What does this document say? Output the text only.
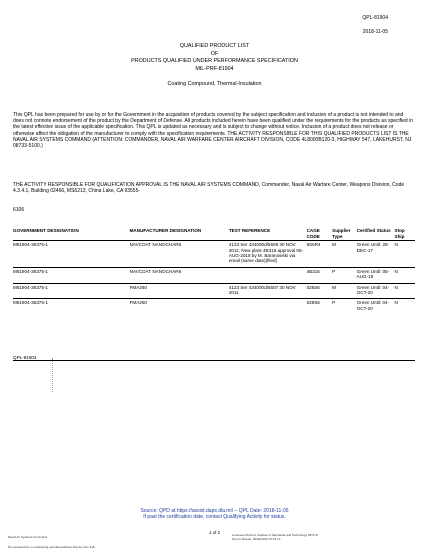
QPL-81904
2018-11-05
QUALIFIED PRODUCT LIST
OF
PRODUCTS QUALIFIED UNDER PERFORMANCE SPECIFICATION
MIL-PRF-81904
Coating Compound, Thermal-Insulation
This QPL has been prepared for use by or for the Government in the acquisition of products covered by the subject specification and inclusion of a product is not intended to and does not connote endorsement of the product by the Department of Defense. All products included herein have been qualified under the requirements for the products as specified in the latest effective issue of the applicable specification. This QPL is updated as necessary and is subject to change without notice. Inclusion of a product does not release or otherwise affect the obligation of the manufacturer to comply with the specification requirements. THE ACTIVITY RESPONSIBLE FOR THIS QUALIFIED PRODUCTS LIST IS THE NAVAL AIR SYSTEMS COMMAND (ATTENTION: COMMANDER, NAVAL AIR WARFARE CENTER AIRCRAFT DIVISION, CODE 4L8000B120-3, HIGHWAY 547, LAKEHURST, NJ 08733-5100.)
THE ACTIVITY RESPONSIBLE FOR QUALIFICATION APPROVAL IS THE NAVAL AIR SYSTEMS COMMAND, Commander, Naval Air Warfare Center, Weapons Division, Code 4.3.4.1, Building 02466, MS6213, China Lake, CA 93555-
6106
GOVERNMENT DESIGNATION	MANUFACTURER DESIGNATION	TEST REFERENCE	CAGE CODE	Supplier Type	Certified Status	Stop Ship
M81904-36375-1	NAVCOAT NANOCHAR6	4123 Ser 434000d/5508 30 NOV 2011; New plant 4B315 approval 05-AUG-2018 by M. Baranowski via email (same date)(filed)	6S5R4	M	Green Until: 28-DEC-17	N
M81904-36375-1	NAVCOAT NANOCHAR6		4B315	P	Green Until: 05-AUG-18	N
M81904-36375-1	FMA260	4123 Ser 434000d/5507 30 NOV 2011	028S6	M	Green Until: 04-OCT-20	N
M81904-36375-1	FMA260		028S6	P	Green Until: 04-OCT-20	N
QPL-81904
Source: QPD at https://assist.daps.dla.mil -- QPL Date: 2018-11-05
If past the certification date, contact Qualifying Activity for status.
1 of 2
Naval Air Systems Command
No reproduction or networking permitted without license from IHS
Licensee=Dmitrov Institute of Standards and Technology 6873 S/
Not for Resale, 2018/12/20 07:15:13
